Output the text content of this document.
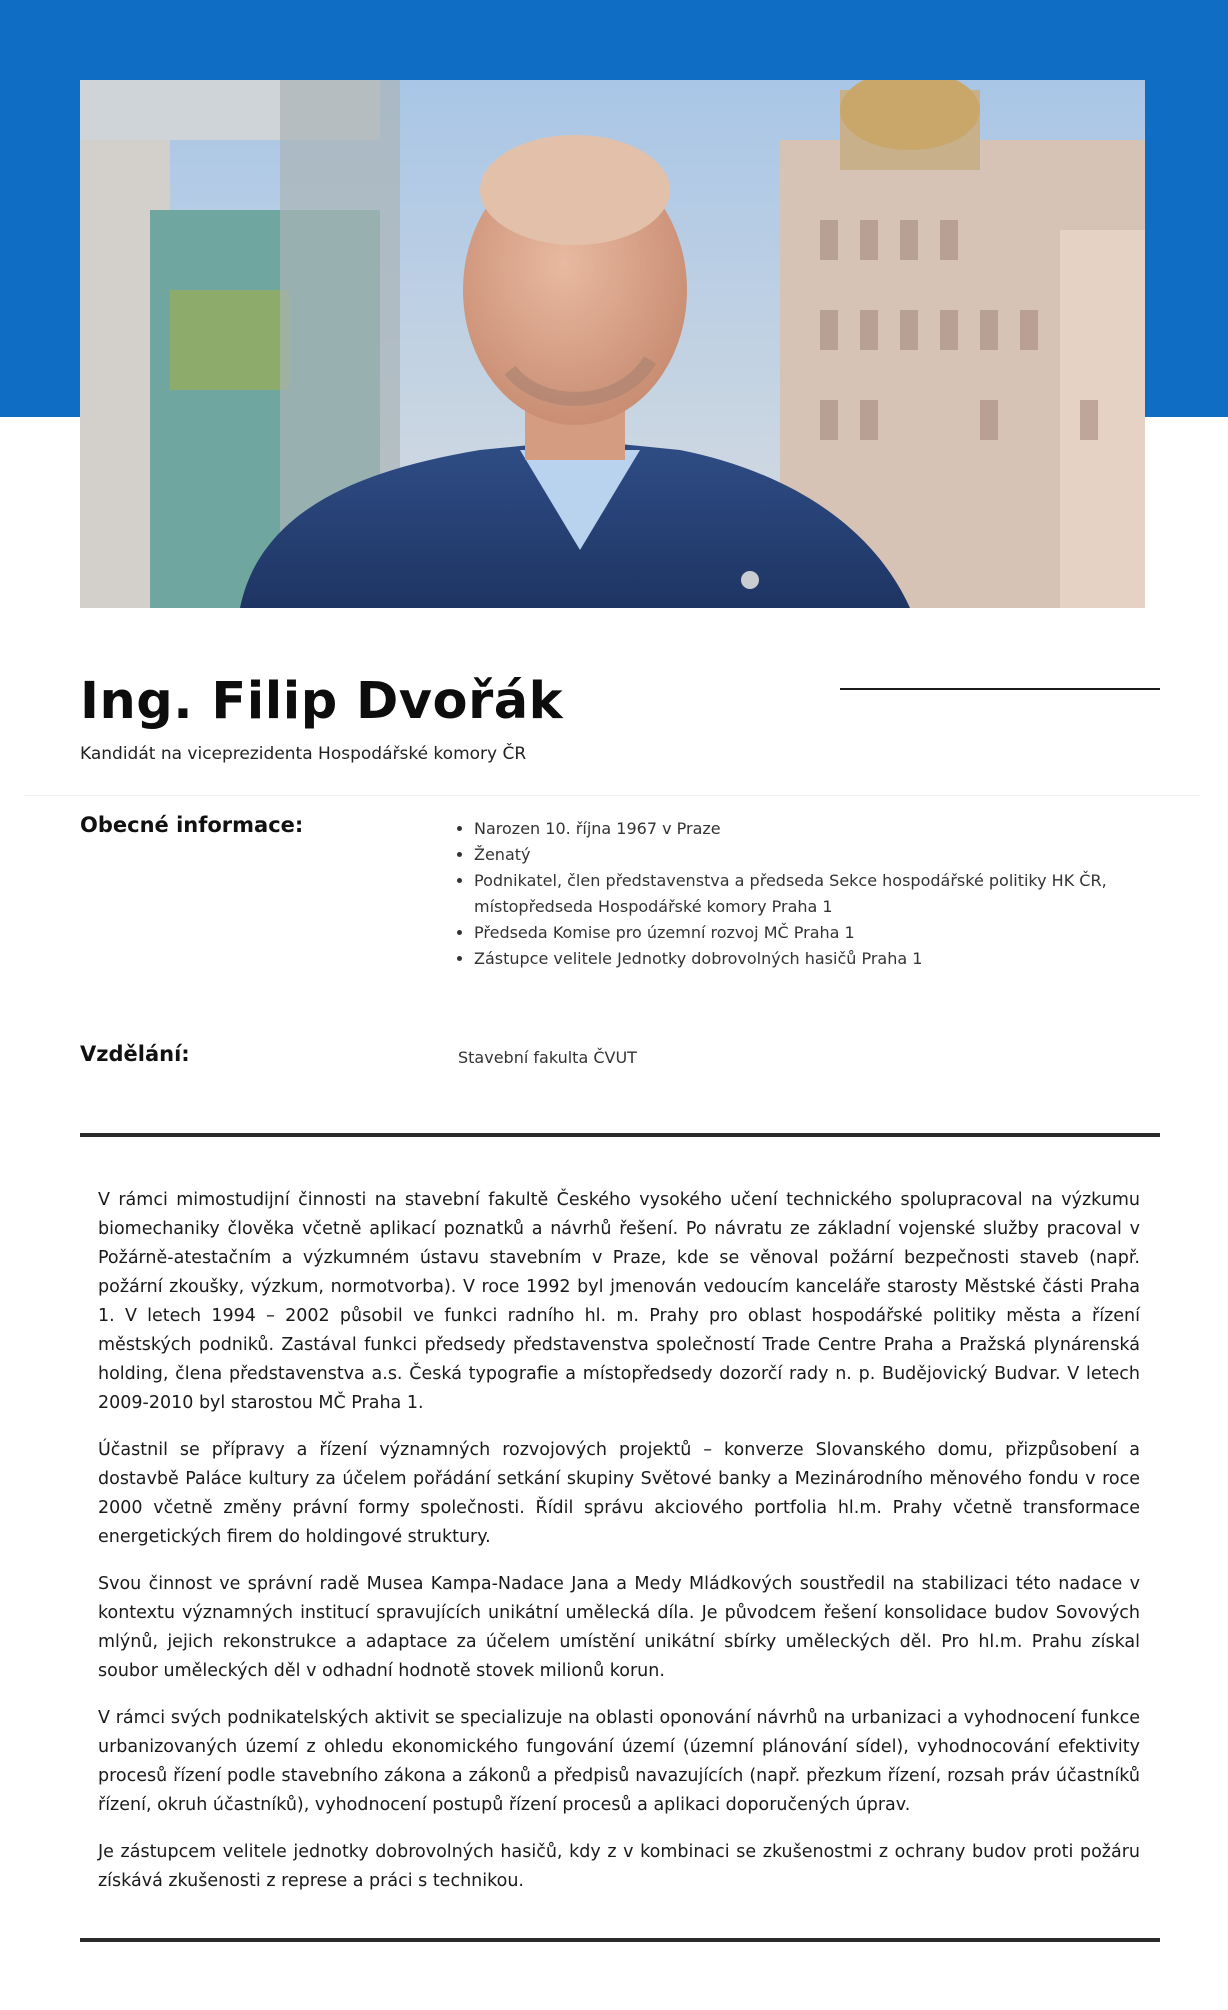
Ing. Filip Dvořák

Kandidát na viceprezidenta Hospodářské komory ČR

Obecné informace:
•	Narozen 10. října 1967 v Praze
• Ženatý
• Podnikatel, člen představenstva a předseda Sekce hospodářské politiky HK ČR, místopředseda Hospodářské komory Praha 1
• Předseda Komise pro územní rozvoj MČ Praha 1
• Zástupce velitele Jednotky dobrovolných hasičů Praha 1
Vzdělání:	Stavební fakulta ČVUT

V rámci mimostudijní činnosti na stavební fakultě Českého vysokého učení technického spolupracoval na výzkumu biomechaniky člověka včetně aplikací poznatků a návrhů řešení. Po návratu ze základní vojenské služby pracoval v Požárně-atestačním a výzkumném ústavu stavebním v Praze, kde se věnoval požární bezpečnosti staveb (např. požární zkoušky, výzkum, normotvorba). V roce 1992 byl jmenován vedoucím kanceláře starosty Městské části Praha 1. V letech 1994 – 2002 působil ve funkci radního hl. m. Prahy pro oblast hospodářské politiky města a řízení městských podniků. Zastával funkci předsedy představenstva společností Trade Centre Praha a Pražská plynárenská holding, člena představenstva a.s. Česká typografie a místopředsedy dozorčí rady n. p. Budějovický Budvar. V letech 2009-2010 byl starostou MČ Praha 1.

Účastnil se přípravy a řízení významných rozvojových projektů – konverze Slovanského domu, přizpůsobení a dostavbě Paláce kultury za účelem pořádání setkání skupiny Světové banky a Mezinárodního měnového fondu v roce 2000 včetně změny právní formy společnosti. Řídil správu akciového portfolia hl.m. Prahy včetně transformace energetických firem do holdingové struktury.

Svou činnost ve správní radě Musea Kampa-Nadace Jana a Medy Mládkových soustředil na stabilizaci této nadace v kontextu významných institucí spravujících unikátní umělecká díla. Je původcem řešení konsolidace budov Sovových mlýnů, jejich rekonstrukce a adaptace za účelem umístění unikátní sbírky uměleckých děl. Pro hl.m. Prahu získal soubor uměleckých děl v odhadní hodnotě stovek milionů korun.

V rámci svých podnikatelských aktivit se specializuje na oblasti oponování návrhů na urbanizaci a vyhodnocení funkce urbanizovaných území z ohledu ekonomického fungování území (územní plánování sídel), vyhodnocování efektivity procesů řízení podle stavebního zákona a zákonů a předpisů navazujících (např. přezkum řízení, rozsah práv účastníků řízení, okruh účastníků), vyhodnocení postupů řízení procesů a aplikaci doporučených úprav.

Je zástupcem velitele jednotky dobrovolných hasičů, kdy z v kombinaci se zkušenostmi z ochrany budov proti požáru získává zkušenosti z represe a práci s technikou.
